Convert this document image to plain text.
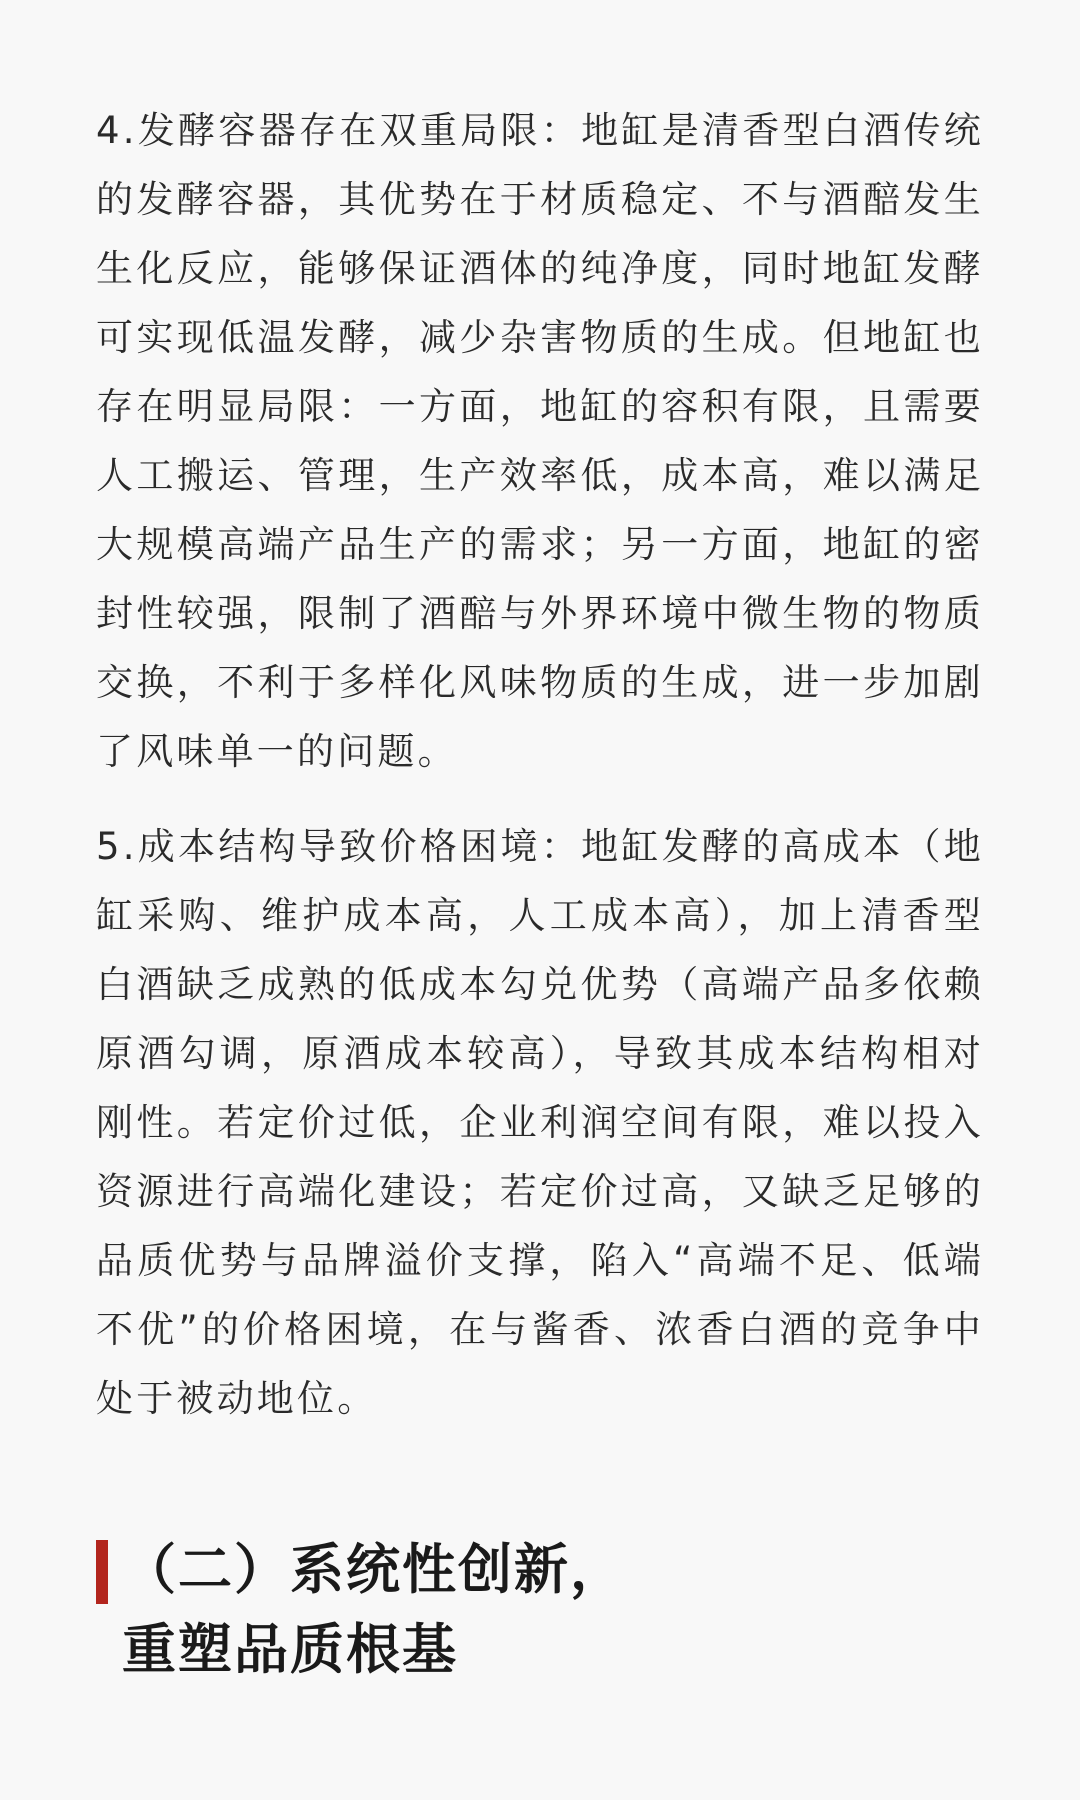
4.发酵容器存在双重局限：地缸是清香型白酒传统的发酵容器，其优势在于材质稳定、不与酒醅发生生化反应，能够保证酒体的纯净度，同时地缸发酵可实现低温发酵，减少杂害物质的生成。但地缸也存在明显局限：一方面，地缸的容积有限，且需要人工搬运、管理，生产效率低，成本高，难以满足大规模高端产品生产的需求；另一方面，地缸的密封性较强，限制了酒醅与外界环境中微生物的物质交换，不利于多样化风味物质的生成，进一步加剧了风味单一的问题。

5.成本结构导致价格困境：地缸发酵的高成本（地缸采购、维护成本高，人工成本高），加上清香型白酒缺乏成熟的低成本勾兑优势（高端产品多依赖原酒勾调，原酒成本较高），导致其成本结构相对刚性。若定价过低，企业利润空间有限，难以投入资源进行高端化建设；若定价过高，又缺乏足够的品质优势与品牌溢价支撑，陷入“高端不足、低端不优”的价格困境，在与酱香、浓香白酒的竞争中处于被动地位。

（二）系统性创新，
重塑品质根基
